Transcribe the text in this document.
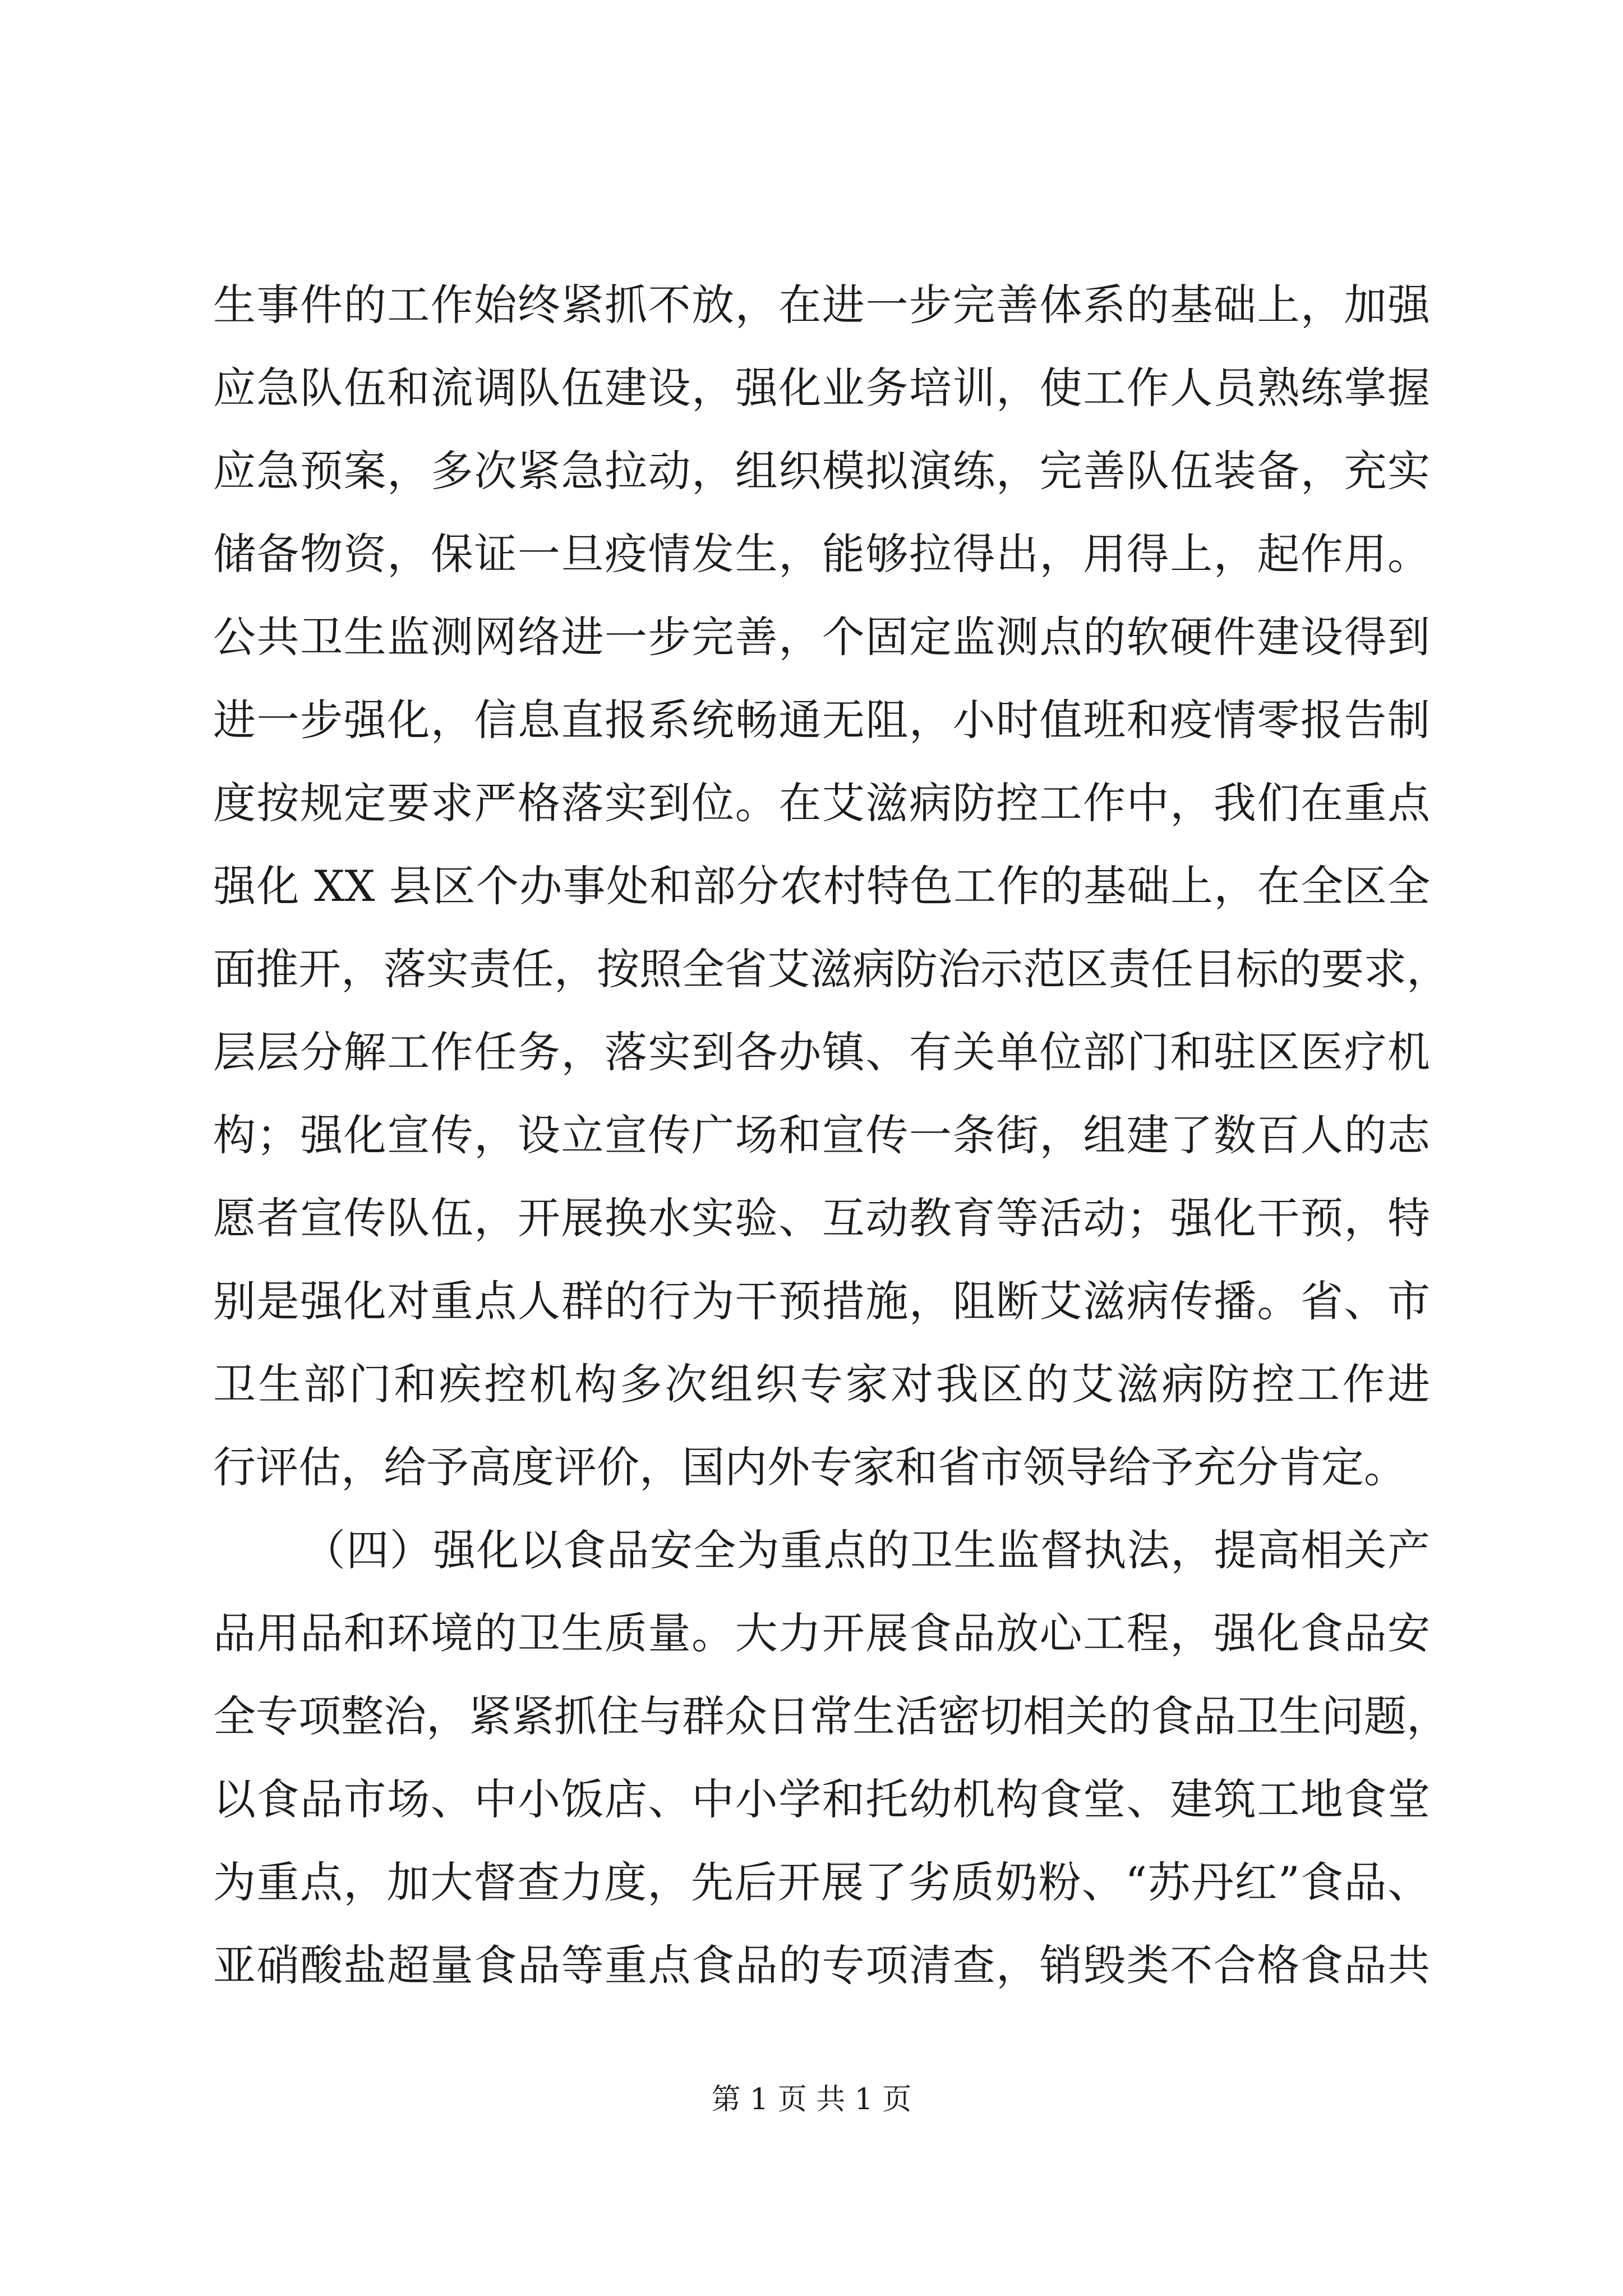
生事件的工作始终紧抓不放，在进一步完善体系的基础上，加强
应急队伍和流调队伍建设，强化业务培训，使工作人员熟练掌握
应急预案，多次紧急拉动，组织模拟演练，完善队伍装备，充实
储备物资，保证一旦疫情发生，能够拉得出，用得上，起作用。
公共卫生监测网络进一步完善，个固定监测点的软硬件建设得到
进一步强化，信息直报系统畅通无阻，小时值班和疫情零报告制
度按规定要求严格落实到位。在艾滋病防控工作中，我们在重点
强化 XX 县区个办事处和部分农村特色工作的基础上，在全区全
面推开，落实责任，按照全省艾滋病防治示范区责任目标的要求，
层层分解工作任务，落实到各办镇、有关单位部门和驻区医疗机
构；强化宣传，设立宣传广场和宣传一条街，组建了数百人的志
愿者宣传队伍，开展换水实验、互动教育等活动；强化干预，特
别是强化对重点人群的行为干预措施，阻断艾滋病传播。省、市
卫生部门和疾控机构多次组织专家对我区的艾滋病防控工作进
行评估，给予高度评价，国内外专家和省市领导给予充分肯定。
（四）强化以食品安全为重点的卫生监督执法，提高相关产
品用品和环境的卫生质量。大力开展食品放心工程，强化食品安
全专项整治，紧紧抓住与群众日常生活密切相关的食品卫生问题，
以食品市场、中小饭店、中小学和托幼机构食堂、建筑工地食堂
为重点，加大督查力度，先后开展了劣质奶粉、“苏丹红”食品、
亚硝酸盐超量食品等重点食品的专项清查，销毁类不合格食品共
第 1 页 共 1 页
